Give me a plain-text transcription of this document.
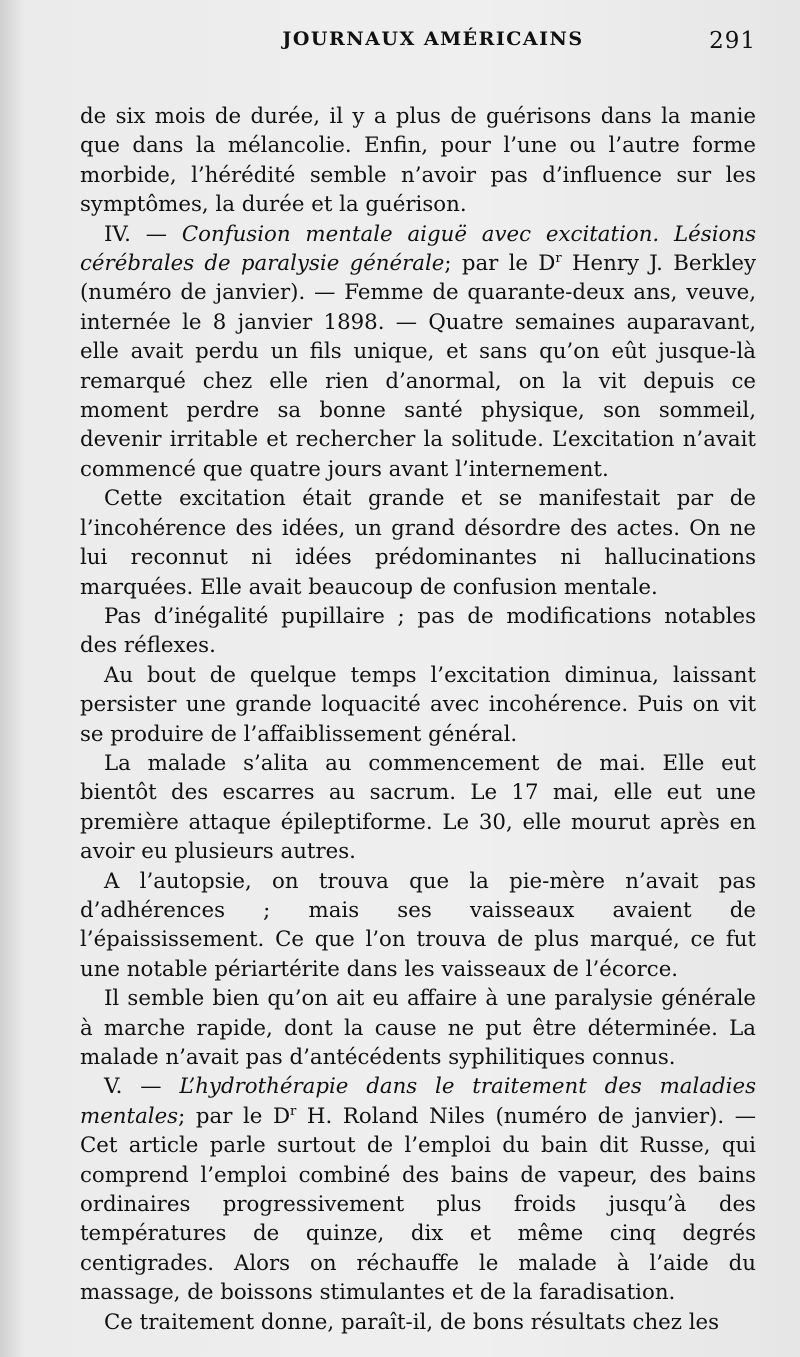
JOURNAUX AMÉRICAINS	291

de six mois de durée, il y a plus de guérisons dans la manie que dans la mélancolie. Enfin, pour l’une ou l’autre forme morbide, l’hérédité semble n’avoir pas d’influence sur les symptômes, la durée et la guérison.

IV. — Confusion mentale aiguë avec excitation. Lésions cérébrales de paralysie générale; par le $D^r$ Henry J. Berkley (numéro de janvier). — Femme de quarante-deux ans, veuve, internée le 8 janvier 1898. — Quatre semaines auparavant, elle avait perdu un fils unique, et sans qu’on eût jusque-là remarqué chez elle rien d’anormal, on la vit depuis ce moment perdre sa bonne santé physique, son sommeil, devenir irritable et rechercher la solitude. L’excitation n’avait commencé que quatre jours avant l’internement.

Cette excitation était grande et se manifestait par de l’incohérence des idées, un grand désordre des actes. On ne lui reconnut ni idées prédominantes ni hallucinations marquées. Elle avait beaucoup de confusion mentale.

Pas d’inégalité pupillaire ; pas de modifications notables des réflexes.

Au bout de quelque temps l’excitation diminua, laissant persister une grande loquacité avec incohérence. Puis on vit se produire de l’affaiblissement général.

La malade s’alita au commencement de mai. Elle eut bientôt des escarres au sacrum. Le 17 mai, elle eut une première attaque épileptiforme. Le 30, elle mourut après en avoir eu plusieurs autres.

A l’autopsie, on trouva que la pie-mère n’avait pas d’adhérences ; mais ses vaisseaux avaient de l’épaississement. Ce que l’on trouva de plus marqué, ce fut une notable périartérite dans les vaisseaux de l’écorce.

Il semble bien qu’on ait eu affaire à une paralysie générale à marche rapide, dont la cause ne put être déterminée. La malade n’avait pas d’antécédents syphilitiques connus.

V. — L’hydrothérapie dans le traitement des maladies mentales; par le $D^r$ H. Roland Niles (numéro de janvier). — Cet article parle surtout de l’emploi du bain dit Russe, qui comprend l’emploi combiné des bains de vapeur, des bains ordinaires progressivement plus froids jusqu’à des températures de quinze, dix et même cinq degrés centigrades. Alors on réchauffe le malade à l’aide du massage, de boissons stimulantes et de la faradisation.

Ce traitement donne, paraît-il, de bons résultats chez les
